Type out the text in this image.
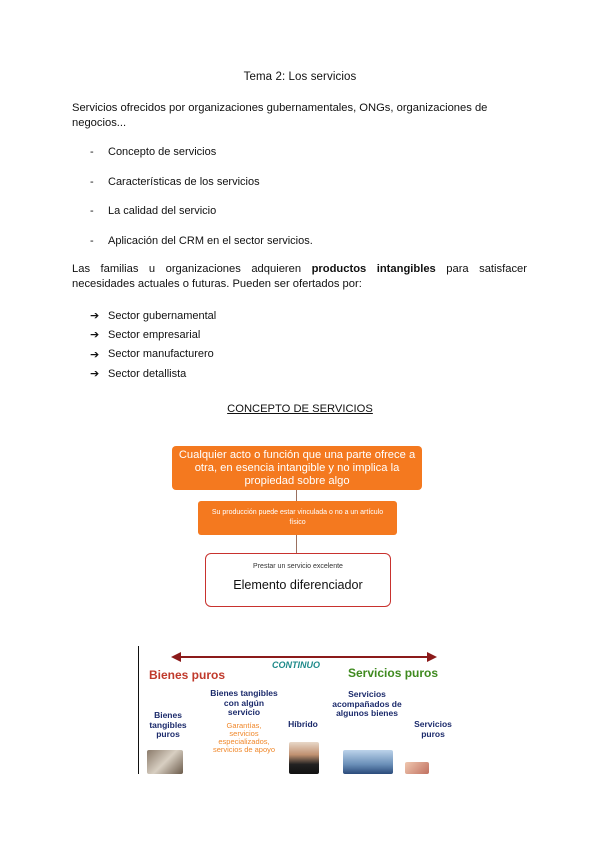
Tema 2: Los servicios

Servicios ofrecidos por organizaciones gubernamentales, ONGs, organizaciones de negocios...

-	Concepto de servicios
-	Características de los servicios
-	La calidad del servicio
-	Aplicación del CRM en el sector servicios.

Las familias u organizaciones adquieren productos intangibles para satisfacer necesidades actuales o futuras. Pueden ser ofertados por:

➔ Sector gubernamental
➔ Sector empresarial
➔ Sector manufacturero
➔ Sector detallista
CONCEPTO DE SERVICIOS
Cualquier acto o función que una parte ofrece a otra, en esencia intangible y no implica la propiedad sobre algo
Su producción puede estar vinculada o no a un artículo físico
Prestar un servicio excelente
Elemento diferenciador
Bienes puros
CONTINUO
Servicios puros
Bienes tangibles puros
Bienes tangibles con algún servicio
Garantías, servicios especializados, servicios de apoyo
Híbrido
Servicios acompañados de algunos bienes
Servicios puros
